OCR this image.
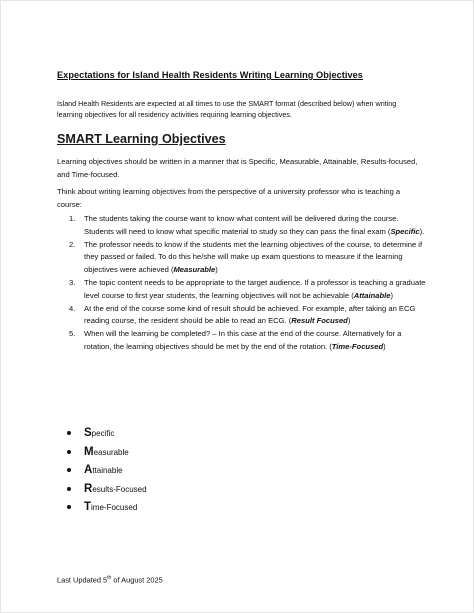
Expectations for Island Health Residents Writing Learning Objectives
Island Health Residents are expected at all times to use the SMART format (described below) when writing learning objectives for all residency activities requiring learning objectives.
SMART Learning Objectives
Learning objectives should be written in a manner that is Specific, Measurable, Attainable, Results-focused, and Time-focused.
Think about writing learning objectives from the perspective of a university professor who is teaching a course:
1. The students taking the course want to know what content will be delivered during the course. Students will need to know what specific material to study so they can pass the final exam (Specific).
2. The professor needs to know if the students met the learning objectives of the course, to determine if they passed or failed. To do this he/she will make up exam questions to measure if the learning objectives were achieved (Measurable)
3. The topic content needs to be appropriate to the target audience. If a professor is teaching a graduate level course to first year students, the learning objectives will not be achievable (Attainable)
4. At the end of the course some kind of result should be achieved. For example, after taking an ECG reading course, the resident should be able to read an ECG. (Result Focused)
5. When will the learning be completed? – In this case at the end of the course. Alternatively for a rotation, the learning objectives should be met by the end of the rotation. (Time-Focused)
Specific
Measurable
Attainable
Results-Focused
Time-Focused
Last Updated 5th of August 2025
